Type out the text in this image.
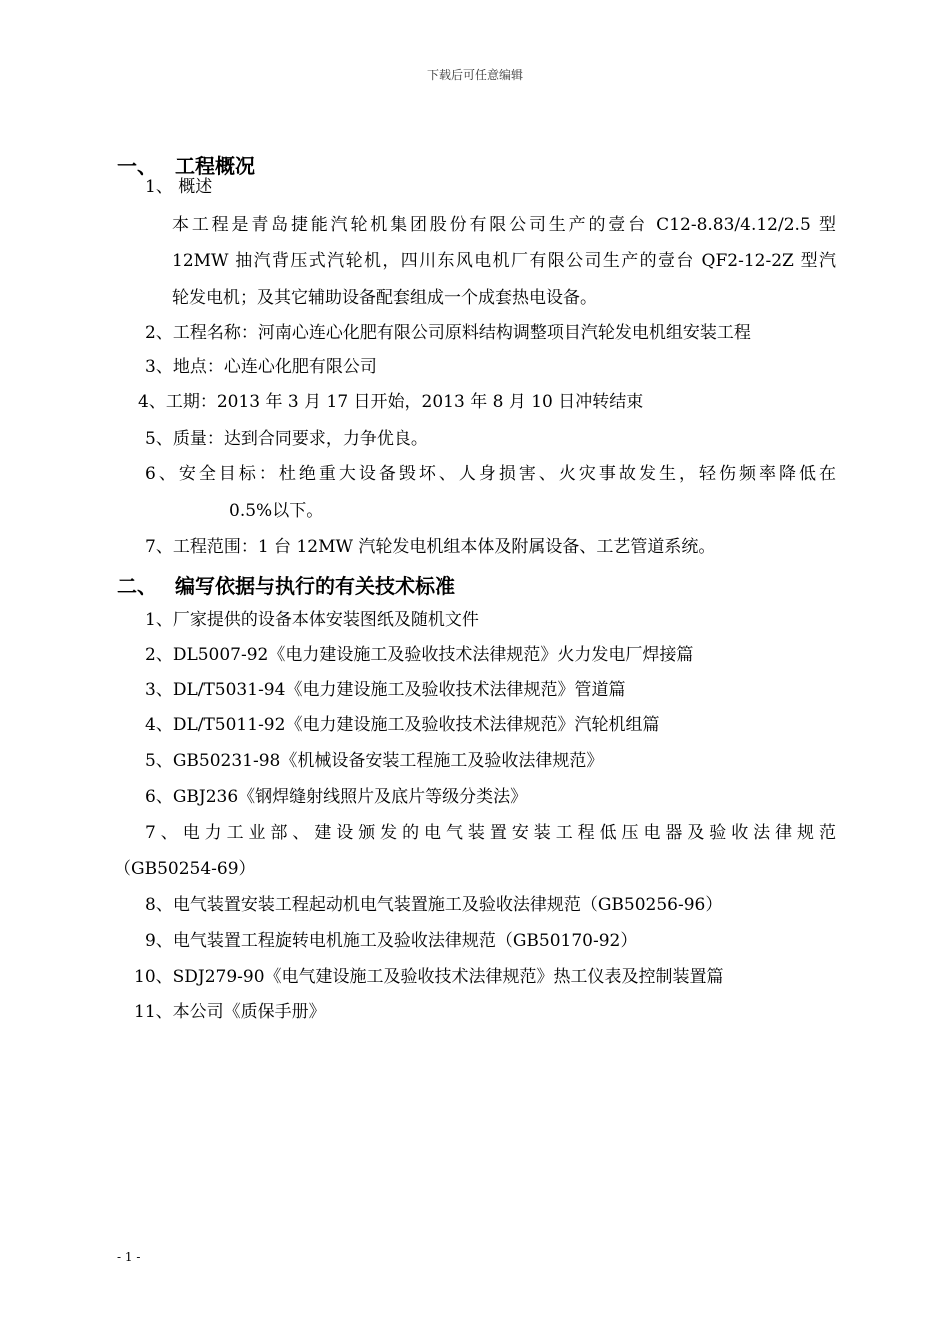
下载后可任意编辑
一、 工程概况
1、 概述
本工程是青岛捷能汽轮机集团股份有限公司生产的壹台 C12-8.83/4.12/2.5 型
12MW 抽汽背压式汽轮机，四川东风电机厂有限公司生产的壹台 QF2-12-2Z 型汽
轮发电机；及其它辅助设备配套组成一个成套热电设备。
2、工程名称：河南心连心化肥有限公司原料结构调整项目汽轮发电机组安装工程
3、地点：心连心化肥有限公司
4、工期：2013 年 3 月 17 日开始，2013 年 8 月 10 日冲转结束
5、质量：达到合同要求，力争优良。
6、安全目标：杜绝重大设备毁坏、人身损害、火灾事故发生，轻伤频率降低在
0.5%以下。
7、工程范围：1 台 12MW 汽轮发电机组本体及附属设备、工艺管道系统。
二、 编写依据与执行的有关技术标准
1、厂家提供的设备本体安装图纸及随机文件
2、DL5007-92《电力建设施工及验收技术法律规范》火力发电厂焊接篇
3、DL/T5031-94《电力建设施工及验收技术法律规范》管道篇
4、DL/T5011-92《电力建设施工及验收技术法律规范》汽轮机组篇
5、GB50231-98《机械设备安装工程施工及验收法律规范》
6、GBJ236《钢焊缝射线照片及底片等级分类法》
7、电力工业部、建设颁发的电气装置安装工程低压电器及验收法律规范
（GB50254-69）
8、电气装置安装工程起动机电气装置施工及验收法律规范（GB50256-96）
9、电气装置工程旋转电机施工及验收法律规范（GB50170-92）
10、SDJ279-90《电气建设施工及验收技术法律规范》热工仪表及控制装置篇
11、本公司《质保手册》
- 1 -
